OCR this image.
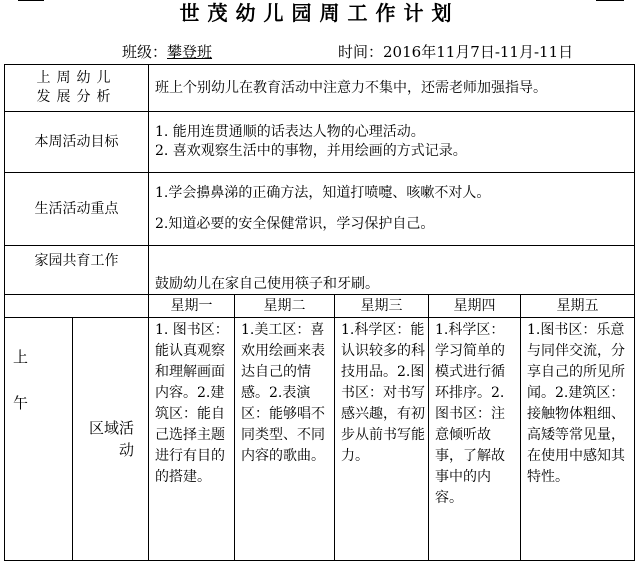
世茂幼儿园周工作计划
班级：攀登班	时间：2016年11月7日-11月-11日
上周幼儿
发展分析		班上个别幼儿在教育活动中注意力不集中，还需老师加强指导。				
本周活动目标		1. 能用连贯通顺的话表达人物的心理活动。

2. 喜欢观察生活中的事物，并用绘画的方式记录。				

生活活动重点		1.学会擤鼻涕的正确方法，知道打喷嚏、咳嗽不对人。

2.知道必要的安全保健常识，学习保护自己。				

家园共育工作		鼓励幼儿在家自己使用筷子和牙刷。				
		星期一	星期二	星期三	星期四	星期五

上
午	区域活动	1. 图书区：能认真观察和理解画面内容。2.建筑区：能自己选择主题进行有目的的搭建。	1.美工区：喜欢用绘画来表达自己的情感。2.表演区：能够唱不同类型、不同内容的歌曲。	1.科学区：能认识较多的科技用品。2.图书区：对书写感兴趣，有初步从前书写能力。	1.科学区：学习简单的模式进行循环排序。2.图书区：注意倾听故事，了解故事中的内容。	1.图书区：乐意与同伴交流，分享自己的所见所闻。2.建筑区：接触物体粗细、高矮等常见量，在使用中感知其特性。
